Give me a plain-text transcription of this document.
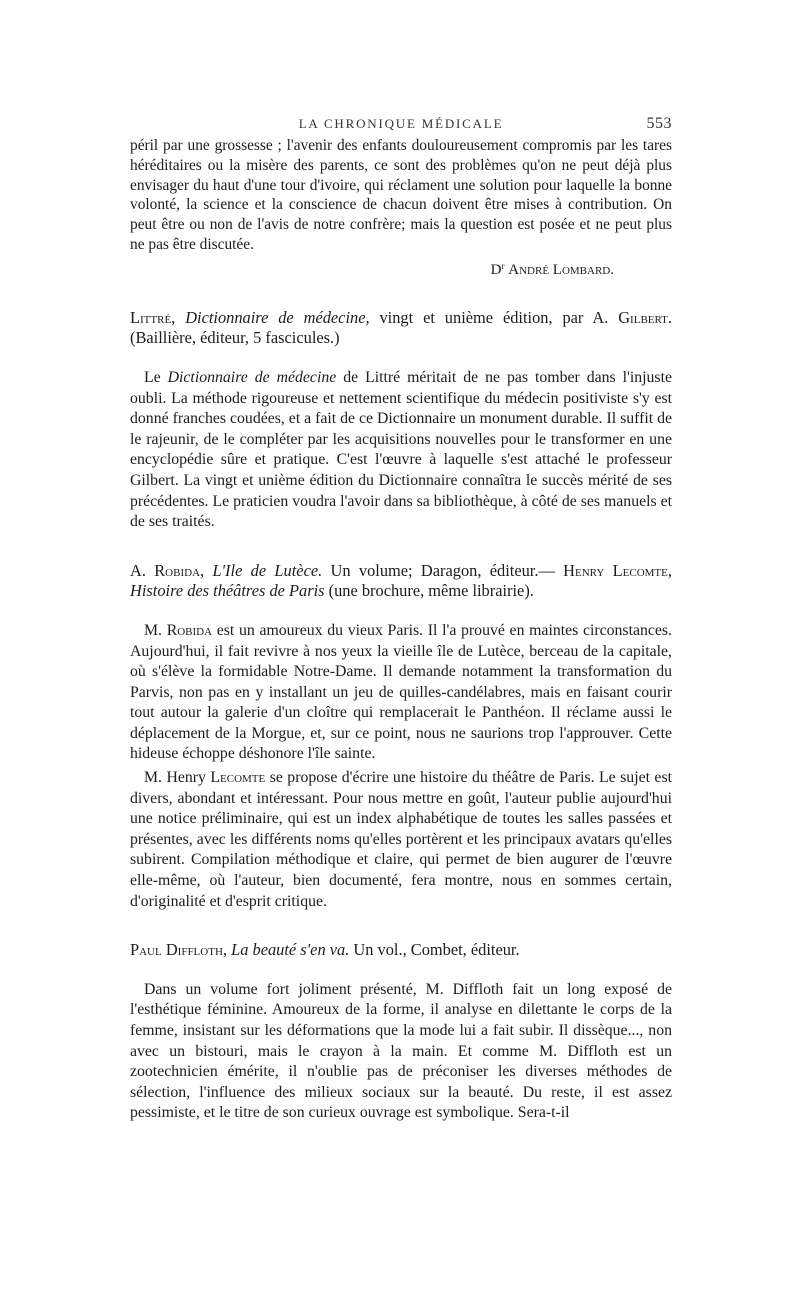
LA CHRONIQUE MÉDICALE	553

péril par une grossesse ; l'avenir des enfants douloureusement compromis par les tares héréditaires ou la misère des parents, ce sont des problèmes qu'on ne peut déjà plus envisager du haut d'une tour d'ivoire, qui réclament une solution pour laquelle la bonne volonté, la science et la conscience de chacun doivent être mises à contribution. On peut être ou non de l'avis de notre confrère; mais la question est posée et ne peut plus ne pas être discutée.

$D^r$ André Lombard.

Littré, Dictionnaire de médecine, vingt et unième édition, par A. Gilbert. (Baillière, éditeur, 5 fascicules.)

Le Dictionnaire de médecine de Littré méritait de ne pas tomber dans l'injuste oubli. La méthode rigoureuse et nettement scientifique du médecin positiviste s'y est donné franches coudées, et a fait de ce Dictionnaire un monument durable. Il suffit de le rajeunir, de le compléter par les acquisitions nouvelles pour le transformer en une encyclopédie sûre et pratique. C'est l'œuvre à laquelle s'est attaché le professeur Gilbert. La vingt et unième édition du Dictionnaire connaîtra le succès mérité de ses précédentes. Le praticien voudra l'avoir dans sa bibliothèque, à côté de ses manuels et de ses traités.

A. Robida, L'Ile de Lutèce. Un volume; Daragon, éditeur.— Henry Lecomte, Histoire des théâtres de Paris (une brochure, même librairie).

M. Robida est un amoureux du vieux Paris. Il l'a prouvé en maintes circonstances. Aujourd'hui, il fait revivre à nos yeux la vieille île de Lutèce, berceau de la capitale, où s'élève la formidable Notre-Dame. Il demande notamment la transformation du Parvis, non pas en y installant un jeu de quilles-candélabres, mais en faisant courir tout autour la galerie d'un cloître qui remplacerait le Panthéon. Il réclame aussi le déplacement de la Morgue, et, sur ce point, nous ne saurions trop l'approuver. Cette hideuse échoppe déshonore l'île sainte.

M. Henry Lecomte se propose d'écrire une histoire du théâtre de Paris. Le sujet est divers, abondant et intéressant. Pour nous mettre en goût, l'auteur publie aujourd'hui une notice préliminaire, qui est un index alphabétique de toutes les salles passées et présentes, avec les différents noms qu'elles portèrent et les principaux avatars qu'elles subirent. Compilation méthodique et claire, qui permet de bien augurer de l'œuvre elle-même, où l'auteur, bien documenté, fera montre, nous en sommes certain, d'originalité et d'esprit critique.

Paul Diffloth, La beauté s'en va. Un vol., Combet, éditeur.

Dans un volume fort joliment présenté, M. Diffloth fait un long exposé de l'esthétique féminine. Amoureux de la forme, il analyse en dilettante le corps de la femme, insistant sur les déformations que la mode lui a fait subir. Il dissèque..., non avec un bistouri, mais le crayon à la main. Et comme M. Diffloth est un zootechnicien émérite, il n'oublie pas de préconiser les diverses méthodes de sélection, l'influence des milieux sociaux sur la beauté. Du reste, il est assez pessimiste, et le titre de son curieux ouvrage est symbolique. Sera-t-il
